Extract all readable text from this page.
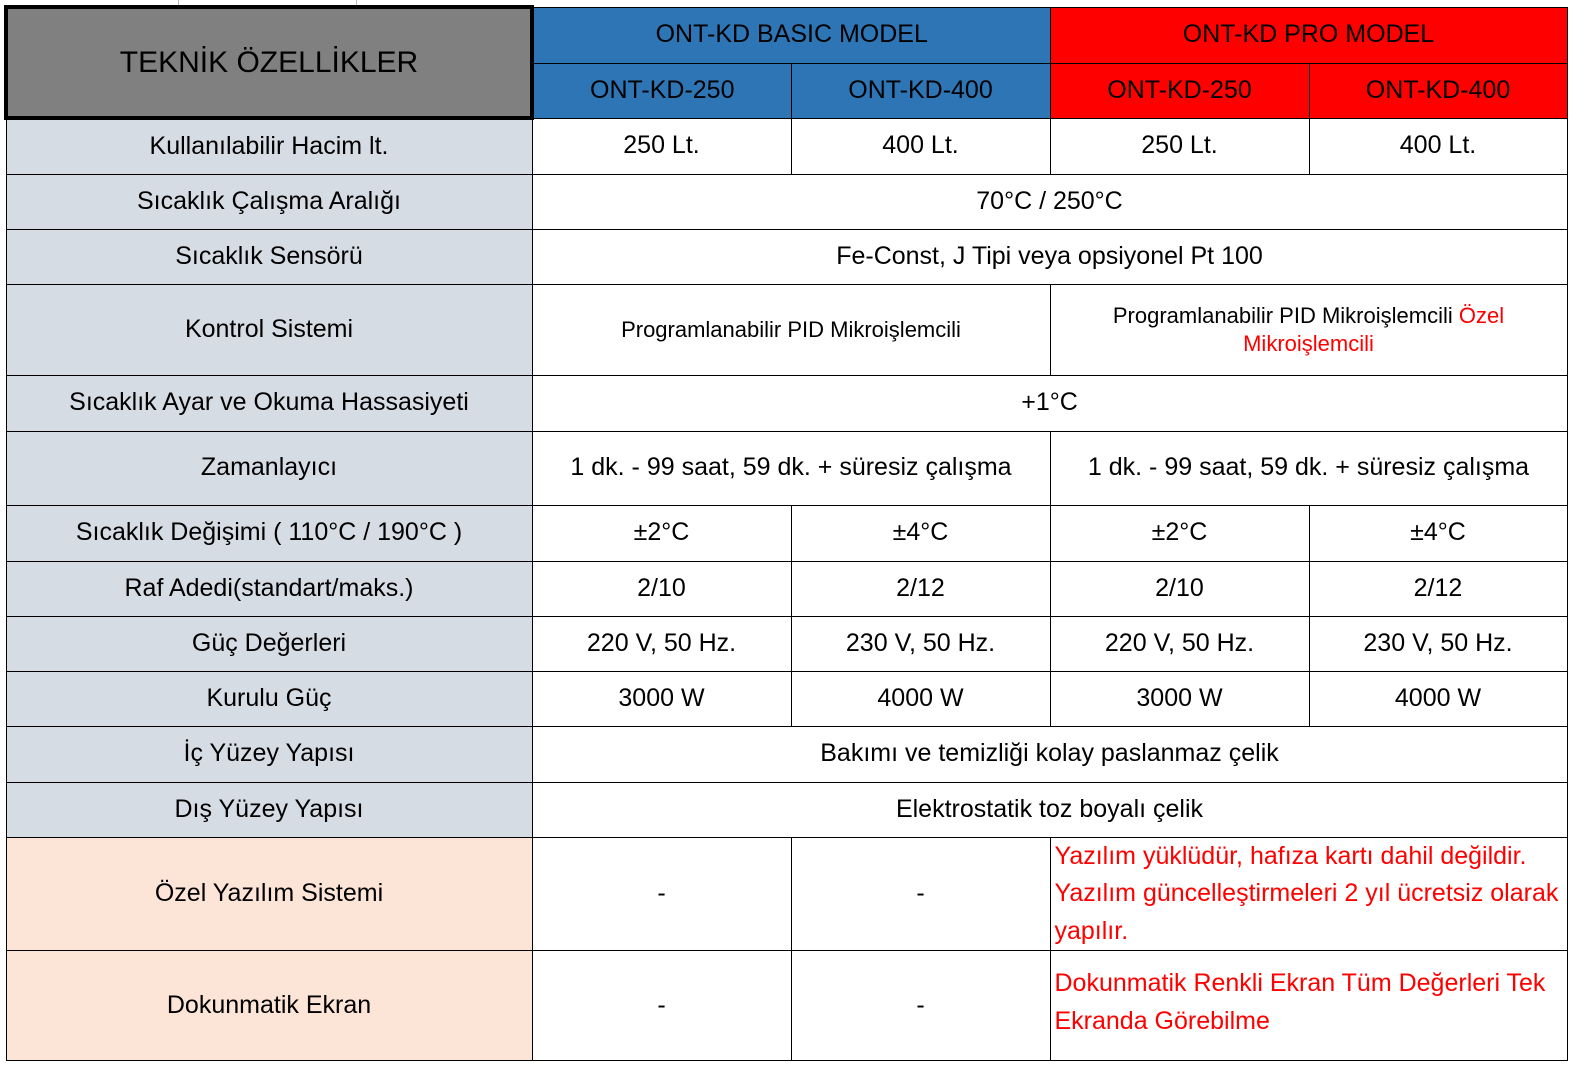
TEKNİK ÖZELLİKLER	ONT-KD BASIC MODEL		ONT-KD PRO MODEL	
	ONT-KD-250	ONT-KD-400	ONT-KD-250	ONT-KD-400
Kullanılabilir Hacim lt.	250 Lt.	400 Lt.	250 Lt.	400 Lt.
Sıcaklık Çalışma Aralığı	70°C / 250°C			
Sıcaklık Sensörü	Fe-Const, J Tipi veya opsiyonel Pt 100			
Kontrol Sistemi	Programlanabilir PID Mikroişlemcili		Programlanabilir PID Mikroişlemcili Özel Mikroişlemcili	
Sıcaklık Ayar ve Okuma Hassasiyeti	+1°C			
Zamanlayıcı	1 dk. - 99 saat, 59 dk. + süresiz çalışma		1 dk. - 99 saat, 59 dk. + süresiz çalışma	
Sıcaklık Değişimi ( 110°C / 190°C )	±2°C	±4°C	±2°C	±4°C
Raf Adedi(standart/maks.)	2/10	2/12	2/10	2/12
Güç Değerleri	220 V, 50 Hz.	230 V, 50 Hz.	220 V, 50 Hz.	230 V, 50 Hz.
Kurulu Güç	3000 W	4000 W	3000 W	4000 W
İç Yüzey Yapısı	Bakımı ve temizliği kolay paslanmaz çelik			
Dış Yüzey Yapısı	Elektrostatik toz boyalı çelik			
Özel Yazılım Sistemi	-	-	Yazılım yüklüdür, hafıza kartı dahil değildir. Yazılım güncelleştirmeleri 2 yıl ücretsiz olarak yapılır.	
Dokunmatik Ekran	-	-	Dokunmatik Renkli Ekran Tüm Değerleri Tek Ekranda Görebilme	
